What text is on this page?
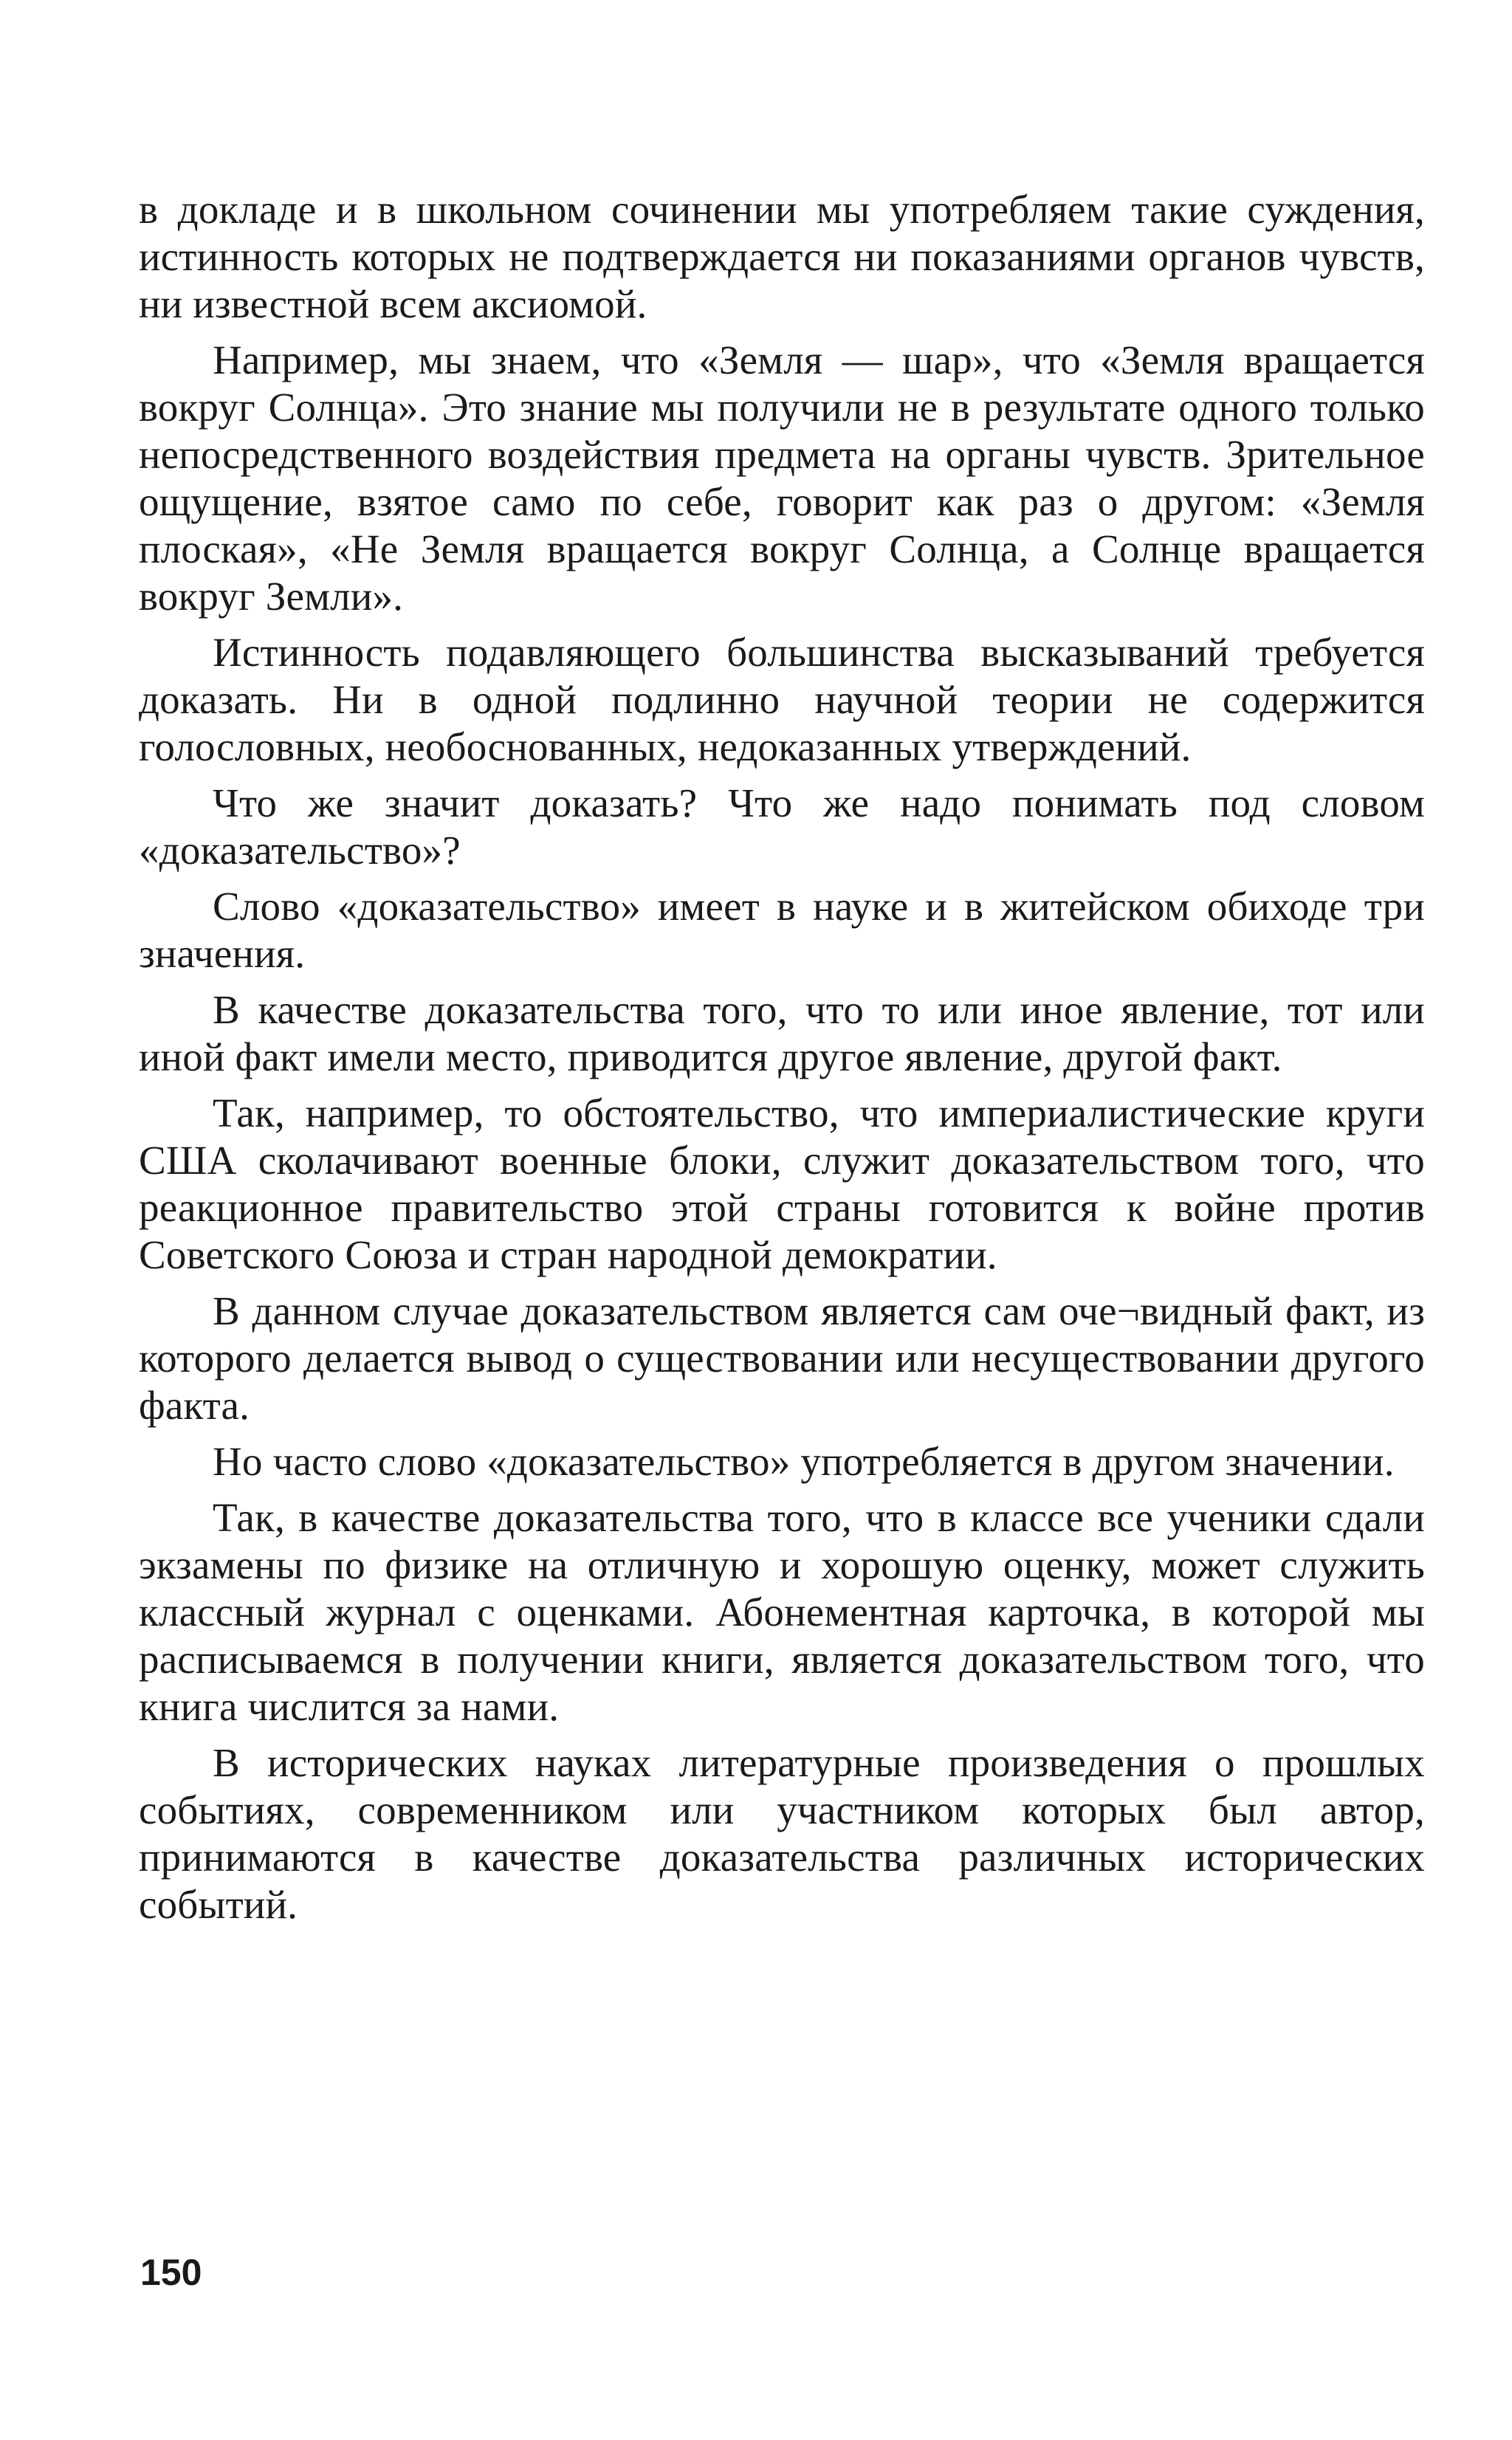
в докладе и в школьном сочинении мы употребляем такие суждения, истинность которых не подтверждается ни показаниями органов чувств, ни известной всем аксиомой.

Например, мы знаем, что «Земля — шар», что «Земля вращается вокруг Солнца». Это знание мы получили не в результате одного только непосредственного воздействия предмета на органы чувств. Зрительное ощущение, взятое само по себе, говорит как раз о другом: «Земля плоская», «Не Земля вращается вокруг Солнца, а Солнце вращается вокруг Земли».

Истинность подавляющего большинства высказываний требуется доказать. Ни в одной подлинно научной теории не содержится голословных, необоснованных, недоказанных утверждений.

Что же значит доказать? Что же надо понимать под словом «доказательство»?

Слово «доказательство» имеет в науке и в житейском обиходе три значения.

В качестве доказательства того, что то или иное явление, тот или иной факт имели место, приводится другое явление, другой факт.

Так, например, то обстоятельство, что империалистические круги США сколачивают военные блоки, служит доказательством того, что реакционное правительство этой страны готовится к войне против Советского Союза и стран народной демократии.

В данном случае доказательством является сам оче¬видный факт, из которого делается вывод о существовании или несуществовании другого факта.

Но часто слово «доказательство» употребляется в другом значении.

Так, в качестве доказательства того, что в классе все ученики сдали экзамены по физике на отличную и хорошую оценку, может служить классный журнал с оценками. Абонементная карточка, в которой мы расписываемся в получении книги, является доказательством того, что книга числится за нами.

В исторических науках литературные произведения о прошлых событиях, современником или участником которых был автор, принимаются в качестве доказательства различных исторических событий.

150
